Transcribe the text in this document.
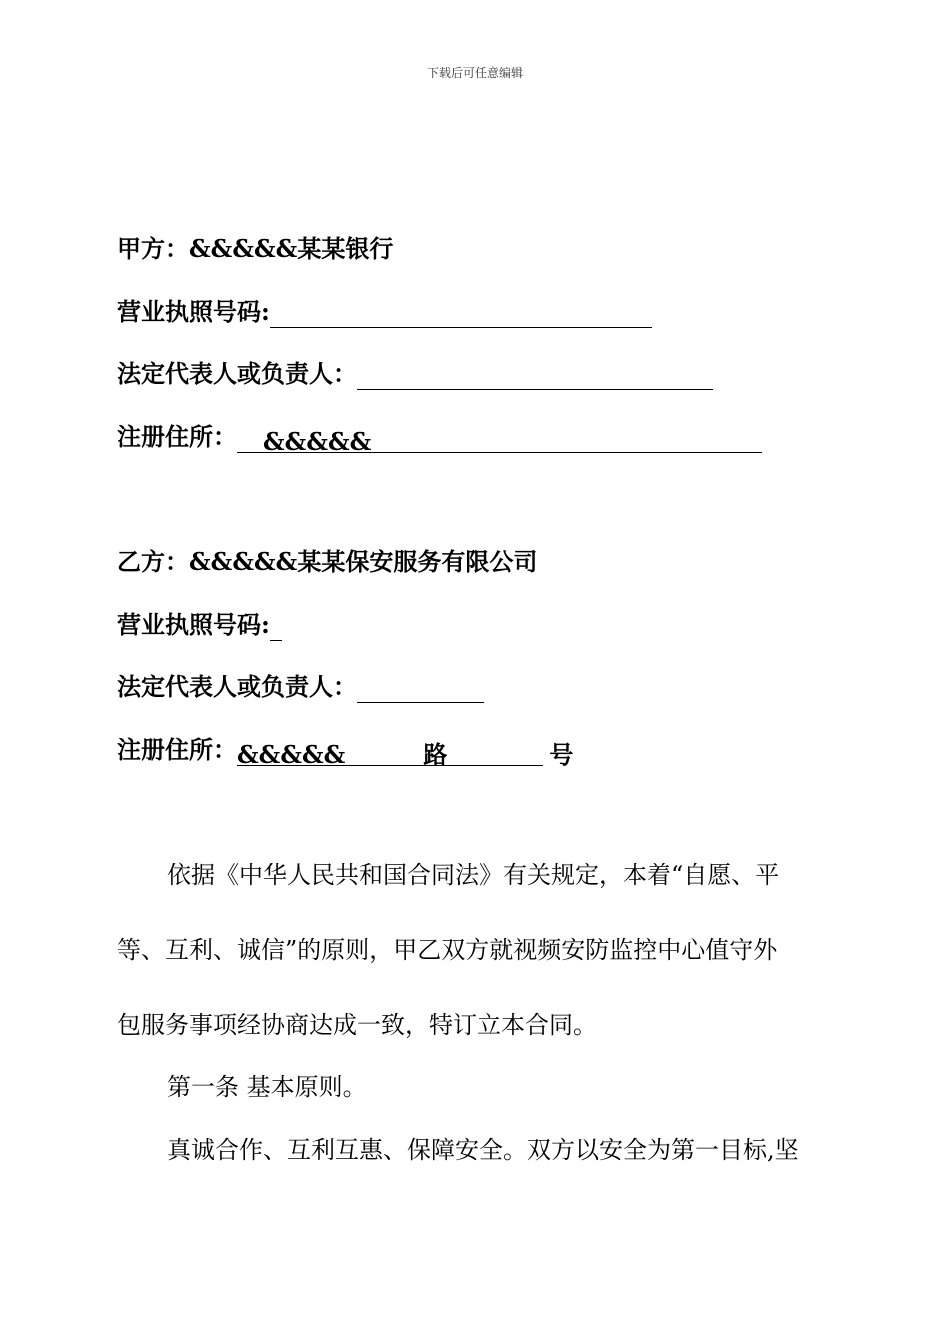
下载后可任意编辑
甲方：&&&&&某某银行
营业执照号码:
法定代表人或负责人：
注册住所： &&&&&
乙方：&&&&&某某保安服务有限公司
营业执照号码:
法定代表人或负责人：
注册住所：&&&&&	路	号
依据《中华人民共和国合同法》有关规定，本着“自愿、平
等、互利、诚信”的原则，甲乙双方就视频安防监控中心值守外
包服务事项经协商达成一致，特订立本合同。
第一条 基本原则。
真诚合作、互利互惠、保障安全。双方以安全为第一目标,坚
